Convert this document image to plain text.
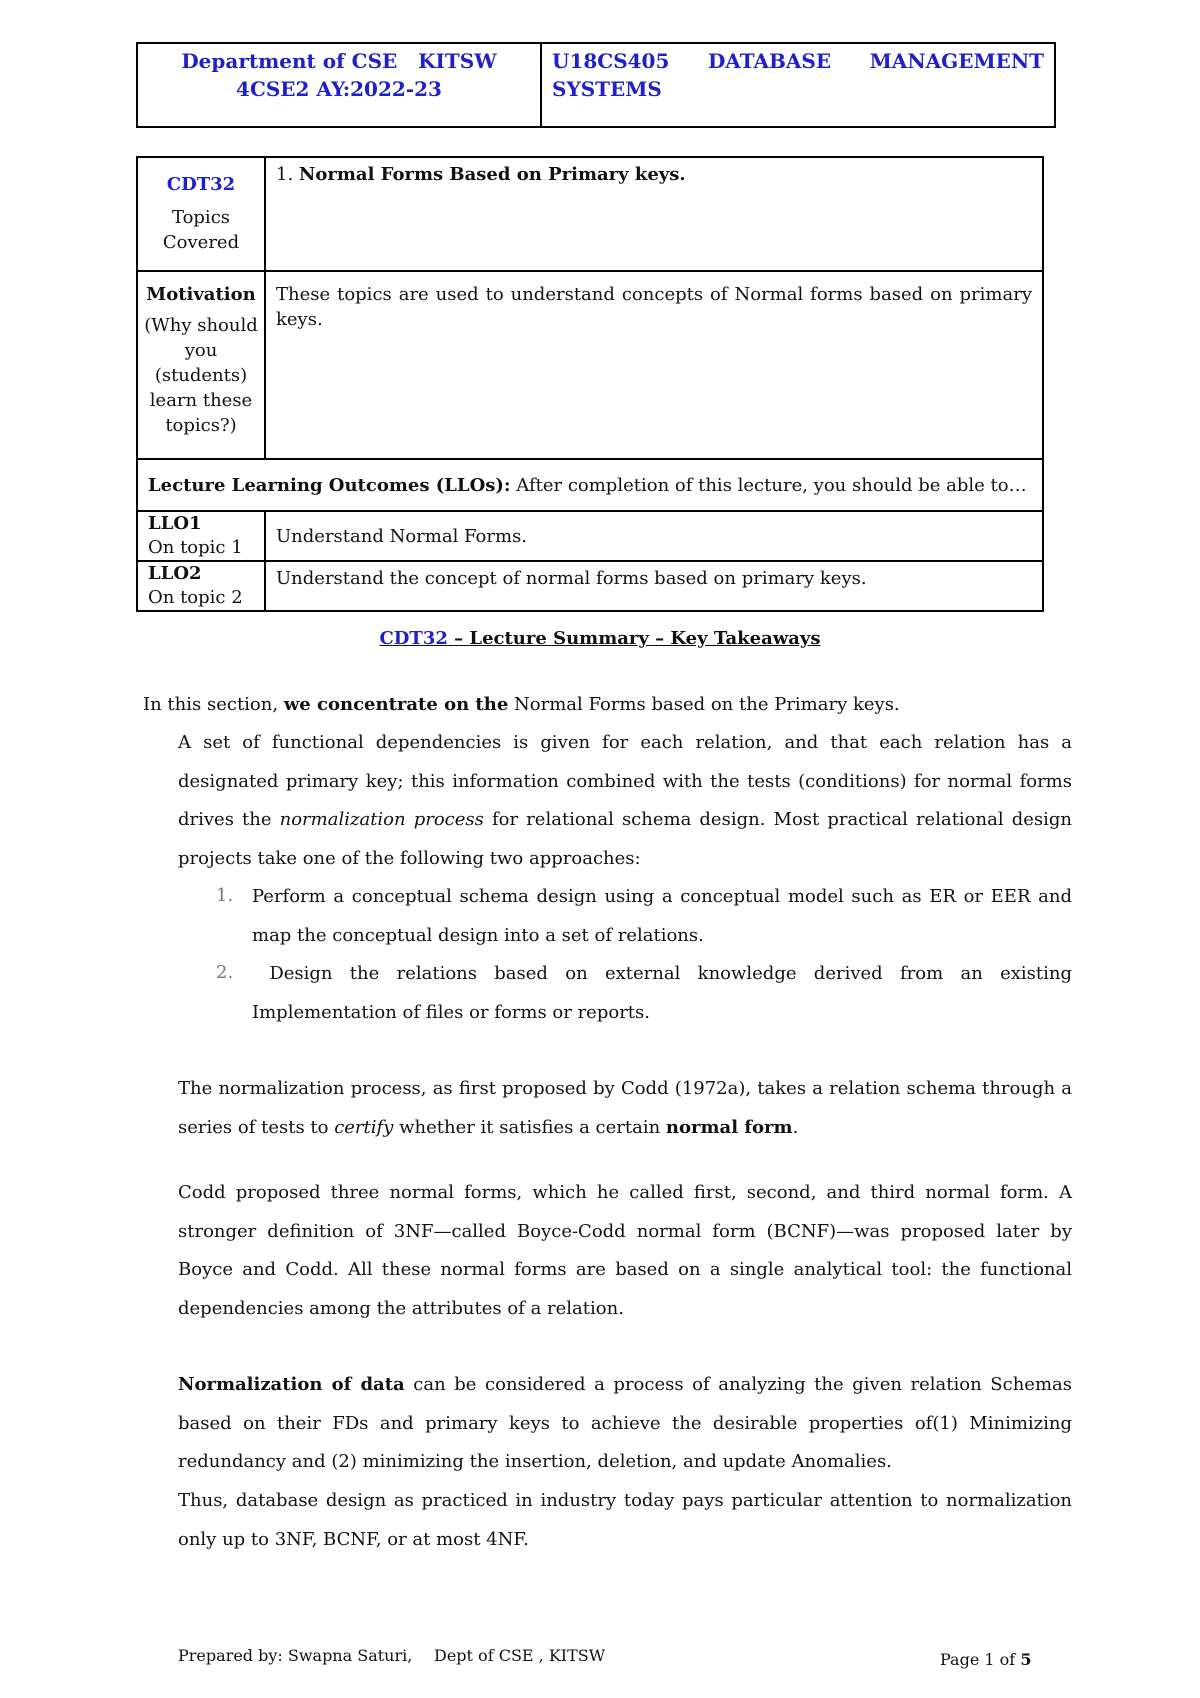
Department of CSE   KITSW
4CSE2 AY:2022-23
U18CS405 DATABASE MANAGEMENT
SYSTEMS
CDT32
Topics Covered	1. Normal Forms Based on Primary keys.

Motivation
(Why should you (students) learn these topics?)	These topics are used to understand concepts of Normal forms based on primary keys.
Lecture Learning Outcomes (LLOs): After completion of this lecture, you should be able to…	

LLO1
On topic 1	Understand Normal Forms.

LLO2
On topic 2	Understand the concept of normal forms based on primary keys.
CDT32 – Lecture Summary – Key Takeaways
In this section, we concentrate on the Normal Forms based on the Primary keys.
A set of functional dependencies is given for each relation, and that each relation has a designated primary key; this information combined with the tests (conditions) for normal forms drives the normalization process for relational schema design. Most practical relational design projects take one of the following two approaches:
1. Perform a conceptual schema design using a conceptual model such as ER or EER and map the conceptual design into a set of relations.
2. Design the relations based on external knowledge derived from an existing Implementation of files or forms or reports.
The normalization process, as first proposed by Codd (1972a), takes a relation schema through a series of tests to certify whether it satisfies a certain normal form.
Codd proposed three normal forms, which he called first, second, and third normal form. A stronger definition of 3NF—called Boyce-Codd normal form (BCNF)—was proposed later by Boyce and Codd. All these normal forms are based on a single analytical tool: the functional dependencies among the attributes of a relation.
Normalization of data can be considered a process of analyzing the given relation Schemas based on their FDs and primary keys to achieve the desirable properties of(1) Minimizing redundancy and (2) minimizing the insertion, deletion, and update Anomalies.
Thus, database design as practiced in industry today pays particular attention to normalization only up to 3NF, BCNF, or at most 4NF.
Prepared by: Swapna Saturi, Dept of CSE , KITSW	Page 1 of 5
